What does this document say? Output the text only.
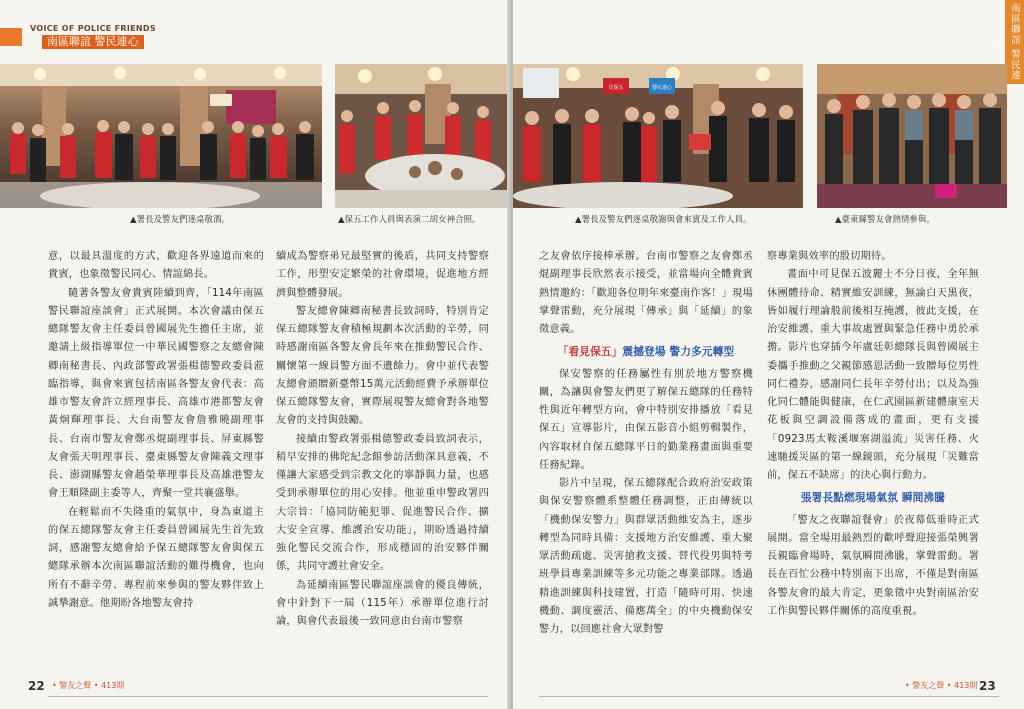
VOICE OF POLICE FRIENDS
南區聯誼 警民連心
▲署長及警友們逐桌敬酒。	▲保五工作人員與表演二胡女神合照。

意，以最具溫度的方式，歡迎各界遠道而來的貴賓，也象徵警民同心、情誼綿長。

隨著各警友會貴賓陸續到齊，「114年南區警民聯誼座談會」正式展開。本次會議由保五總隊警友會主任委員曾國展先生擔任主席，並邀請上級指導單位一中華民國警察之友總會陳卿南秘書長、內政部警政署張楫德警政委員蒞臨指導，與會來賓包括南區各警友會代表：高雄市警友會許立經理事長、高雄市港都警友會黃炯輝理事長、大台南警友會詹雅曉副理事長、台南市警友會鄭丞焜副理事長、屏東縣警友會張天明理事長、臺東縣警友會陳義文理事長、澎湖縣警友會趙榮華理事長及高雄港警友會王順隆副主委等人，齊聚一堂共襄盛舉。

在輕鬆而不失隆重的氣氛中，身為東道主的保五總隊警友會主任委員曾國展先生首先致詞，感謝警友總會給予保五總隊警友會與保五總隊承辦本次南區聯誼活動的難得機會，也向所有不辭辛勞、專程前來參與的警友夥伴致上誠摯謝意。他期盼各地警友會持

續成為警察弟兄最堅實的後盾，共同支持警察工作，形塑安定繁榮的社會環境，促進地方經濟與整體發展。

警友總會陳卿南秘書長致詞時，特別肯定保五總隊警友會積極規劃本次活動的辛勞，同時感謝南區各警友會長年來在推動警民合作、關懷第一線員警方面不遺餘力。會中並代表警友總會頒贈新臺幣15萬元活動經費予承辦單位保五總隊警友會，實際展現警友總會對各地警友會的支持與鼓勵。

接續由警政署張楫德警政委員致詞表示，稍早安排的佛陀紀念館參訪活動深具意義，不僅讓大家感受到宗教文化的寧靜與力量，也感受到承辦單位的用心安排。他並重申警政署四大宗旨：「協同防範犯罪、促進警民合作、擴大安全宣導、維護治安功能」，期盼透過持續強化警民交流合作，形成穩固的治安夥伴關係，共同守護社會安全。

為延續南區警民聯誼座談會的優良傳統，會中針對下一屆（115年）承辦單位進行討論，與會代表最後一致同意由台南市警察

22 • 警友之聲 • 413期
南區聯誼 警民連心
見保五	警民連心
▲署長及警友們逐桌敬謝與會來賓及工作人員。	▲臺東縣警友會熱情參與。

之友會依序接棒承辦。台南市警察之友會鄭丞焜副理事長欣然表示接受，並當場向全體貴賓熱情邀約：「歡迎各位明年來臺南作客！」現場掌聲雷動，充分展現「傳承」與「延續」的象徵意義。

「看見保五」震撼登場 警力多元轉型

保安警察的任務屬性有別於地方警察機關，為讓與會警友們更了解保五總隊的任務特性與近年轉型方向，會中特別安排播放「看見保五」宣導影片，由保五影音小組剪輯製作，內容取材自保五總隊平日的勤業務畫面與重要任務紀錄。

影片中呈現，保五總隊配合政府治安政策與保安警察體系整體任務調整，正由傳統以「機動保安警力」與群眾活動維安為主，逐步轉型為同時具備：支援地方治安維護、重大聚眾活動疏處、災害搶救支援、替代役男與特考班學員專業訓練等多元功能之專業部隊。透過精進訓練與科技建置，打造「隨時可用、快速機動、調度靈活、備應萬全」的中央機動保安警力，以回應社會大眾對警

察專業與效率的殷切期待。

畫面中可見保五波麗士不分日夜，全年無休團體待命、精實維安訓練，無論白天黑夜，皆如履行理論般前後相互掩護，彼此支援，在治安維護、重大事故處置與緊急任務中勇於承擔。影片也穿插今年盧廷彰總隊長與曾國展主委攜手推動之父親節感恩活動一致贈每位男性同仁禮券，感謝同仁長年辛勞付出；以及為強化同仁體能與健康，在仁武園區新建體康室天花板與空調設備落成的畫面，更有支援「0923馬太鞍溪堰塞湖溢流」災害任務、火速馳援災區的第一線鏡頭，充分展現「災難當前，保五不缺席」的決心與行動力。

張署長點燃現場氣氛 瞬間沸騰

「警友之夜聯誼餐會」於夜幕低垂時正式展開。當全場用最熱烈的歡呼聲迎接張榮興署長親臨會場時，氣氛瞬間沸騰，掌聲雷動。署長在百忙公務中特別南下出席，不僅是對南區各警友會的最大肯定，更象徵中央對南區治安工作與警民夥伴關係的高度重視。

• 警友之聲 • 413期 23
